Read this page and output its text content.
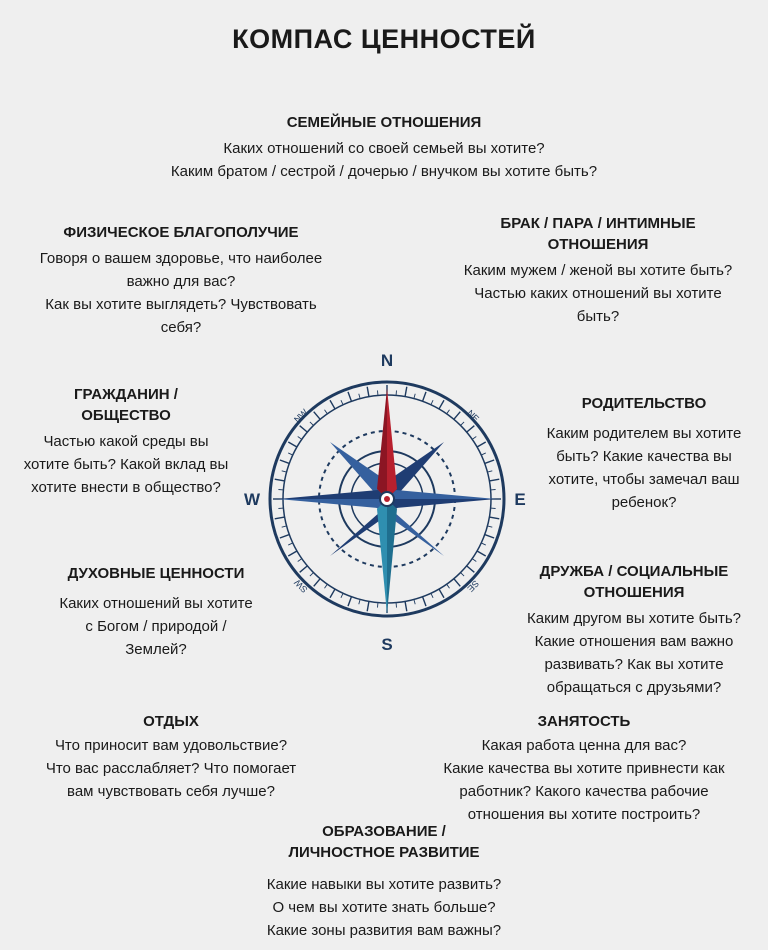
КОМПАС ЦЕННОСТЕЙ
СЕМЕЙНЫЕ ОТНОШЕНИЯ

Каких отношений со своей семьей вы хотите?

Каким братом / сестрой / дочерью / внучком вы хотите быть?

ФИЗИЧЕСКОЕ БЛАГОПОЛУЧИЕ

Говоря о вашем здоровье, что наиболее

важно для вас?

Как вы хотите выглядеть? Чувствовать

себя?

БРАК / ПАРА / ИНТИМНЫЕ
ОТНОШЕНИЯ

Каким мужем / женой вы хотите быть?

Частью каких отношений вы хотите

быть?

ГРАЖДАНИН /
ОБЩЕСТВО

Частью какой среды вы

хотите быть? Какой вклад вы

хотите внести в общество?

РОДИТЕЛЬСТВО

Каким родителем вы хотите

быть? Какие качества вы

хотите, чтобы замечал ваш

ребенок?

ДУХОВНЫЕ ЦЕННОСТИ

Каких отношений вы хотите

с Богом / природой /

Землей?

ДРУЖБА / СОЦИАЛЬНЫЕ
ОТНОШЕНИЯ

Каким другом вы хотите быть?

Какие отношения вам важно

развивать? Как вы хотите

обращаться с друзьями?

ОТДЫХ

Что приносит вам удовольствие?

Что вас расслабляет? Что помогает

вам чувствовать себя лучше?

ЗАНЯТОСТЬ

Какая работа ценна для вас?

Какие качества вы хотите привнести как

работник? Какого качества рабочие

отношения вы хотите построить?

ОБРАЗОВАНИЕ /
ЛИЧНОСТНОЕ РАЗВИТИЕ

Какие навыки вы хотите развить?

О чем вы хотите знать больше?

Какие зоны развития вам важны?

N
S
E
W
NE
NW
SE
SW
